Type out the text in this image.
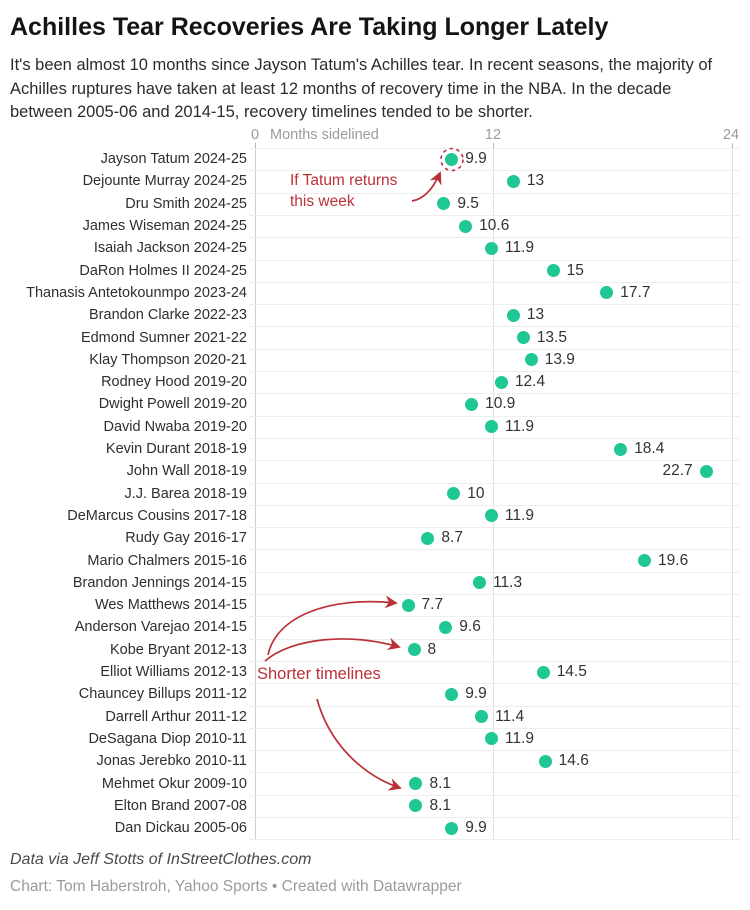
Achilles Tear Recoveries Are Taking Longer Lately
It's been almost 10 months since Jayson Tatum's Achilles tear. In recent seasons, the majority of Achilles ruptures have taken at least 12 months of recovery time in the NBA. In the decade between 2005-06 and 2014-15, recovery timelines tended to be shorter.
0 Months sidelined	12	24
Jayson Tatum 2024-25	9.9
Dejounte Murray 2024-25	13
Dru Smith 2024-25	9.5
James Wiseman 2024-25	10.6
Isaiah Jackson 2024-25	11.9
DaRon Holmes II 2024-25	15
Thanasis Antetokounmpo 2023-24	17.7
Brandon Clarke 2022-23	13
Edmond Sumner 2021-22	13.5
Klay Thompson 2020-21	13.9
Rodney Hood 2019-20	12.4
Dwight Powell 2019-20	10.9
David Nwaba 2019-20	11.9
Kevin Durant 2018-19	18.4
John Wall 2018-19	22.7
J.J. Barea 2018-19	10
DeMarcus Cousins 2017-18	11.9
Rudy Gay 2016-17	8.7
Mario Chalmers 2015-16	19.6
Brandon Jennings 2014-15	11.3
Wes Matthews 2014-15	7.7
Anderson Varejao 2014-15	9.6
Kobe Bryant 2012-13	8
Elliot Williams 2012-13	14.5
Chauncey Billups 2011-12	9.9
Darrell Arthur 2011-12	11.4
DeSagana Diop 2010-11	11.9
Jonas Jerebko 2010-11	14.6
Mehmet Okur 2009-10	8.1
Elton Brand 2007-08	8.1
Dan Dickau 2005-06	9.9
If Tatum returns
this week
Shorter timelines
Data via Jeff Stotts of InStreetClothes.com
Chart: Tom Haberstroh, Yahoo Sports • Created with Datawrapper
